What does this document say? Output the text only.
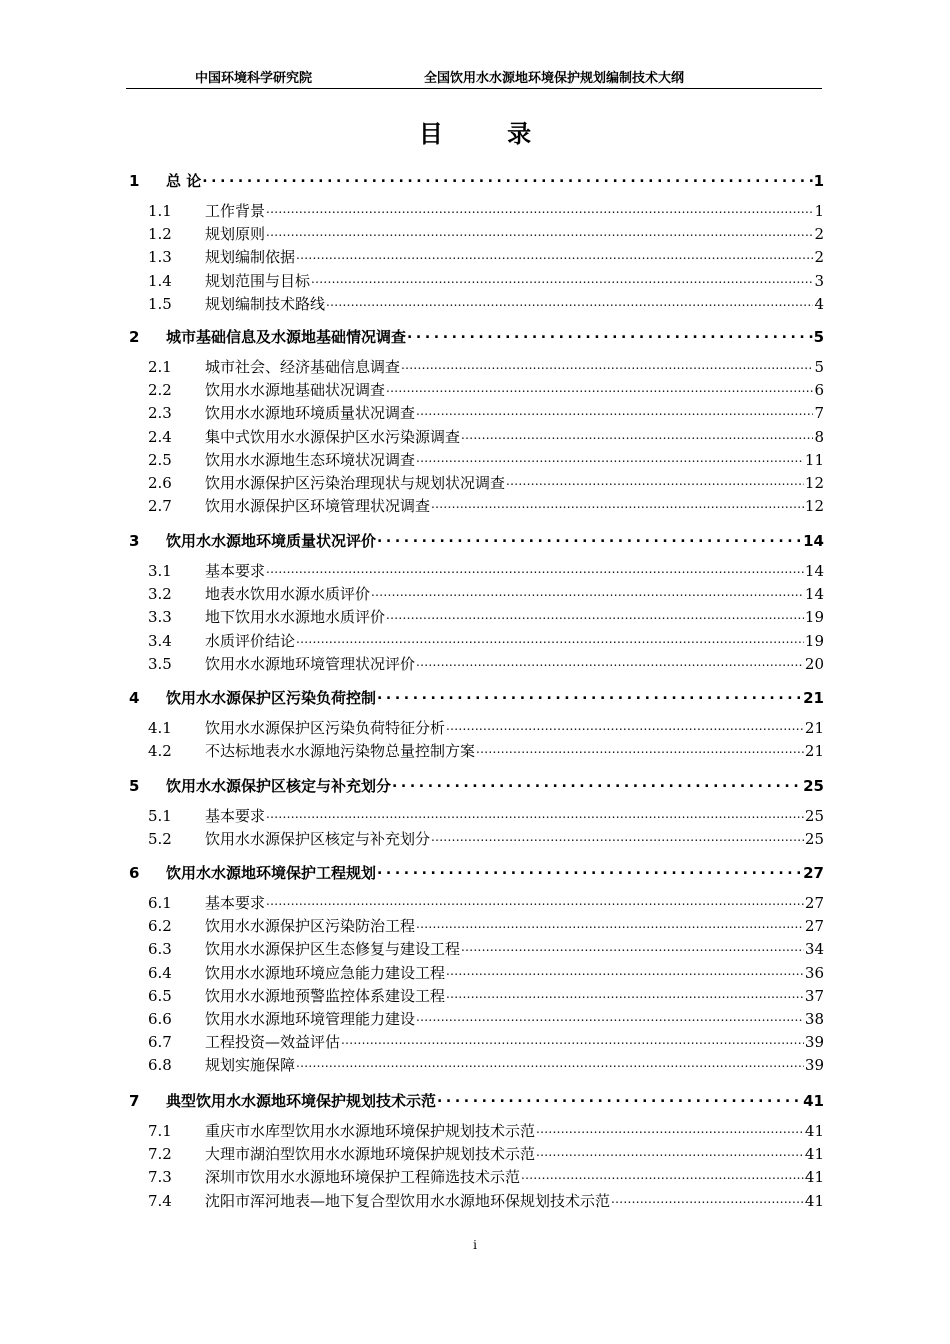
中国环境科学研究院	全国饮用水水源地环境保护规划编制技术大纲
目 录
1	总 论 .....	1
1.1	工作背景 .....	1
1.2	规划原则 .....	2
1.3	规划编制依据 .....	2
1.4	规划范围与目标 .....	3
1.5	规划编制技术路线 .....	4
2	城市基础信息及水源地基础情况调查 .....	5
2.1	城市社会、经济基础信息调查 .....	5
2.2	饮用水水源地基础状况调查 .....	6
2.3	饮用水水源地环境质量状况调查 .....	7
2.4	集中式饮用水水源保护区水污染源调查 .....	8
2.5	饮用水水源地生态环境状况调查 .....	11
2.6	饮用水源保护区污染治理现状与规划状况调查 .....	12
2.7	饮用水源保护区环境管理状况调查 .....	12
3	饮用水水源地环境质量状况评价 .....	14
3.1	基本要求 .....	14
3.2	地表水饮用水源水质评价 .....	14
3.3	地下饮用水水源地水质评价 .....	19
3.4	水质评价结论 .....	19
3.5	饮用水水源地环境管理状况评价 .....	20
4	饮用水水源保护区污染负荷控制 .....	21
4.1	饮用水水源保护区污染负荷特征分析 .....	21
4.2	不达标地表水水源地污染物总量控制方案 .....	21
5	饮用水水源保护区核定与补充划分 .....	25
5.1	基本要求 .....	25
5.2	饮用水水源保护区核定与补充划分 .....	25
6	饮用水水源地环境保护工程规划 .....	27
6.1	基本要求 .....	27
6.2	饮用水水源保护区污染防治工程 .....	27
6.3	饮用水水源保护区生态修复与建设工程 .....	34
6.4	饮用水水源地环境应急能力建设工程 .....	36
6.5	饮用水水源地预警监控体系建设工程 .....	37
6.6	饮用水水源地环境管理能力建设 .....	38
6.7	工程投资—效益评估 .....	39
6.8	规划实施保障 .....	39
7	典型饮用水水源地环境保护规划技术示范 .....	41
7.1	重庆市水库型饮用水水源地环境保护规划技术示范 .....	41
7.2	大理市湖泊型饮用水水源地环境保护规划技术示范 .....	41
7.3	深圳市饮用水水源地环境保护工程筛选技术示范 .....	41
7.4	沈阳市浑河地表—地下复合型饮用水水源地环保规划技术示范 .....	41
i
